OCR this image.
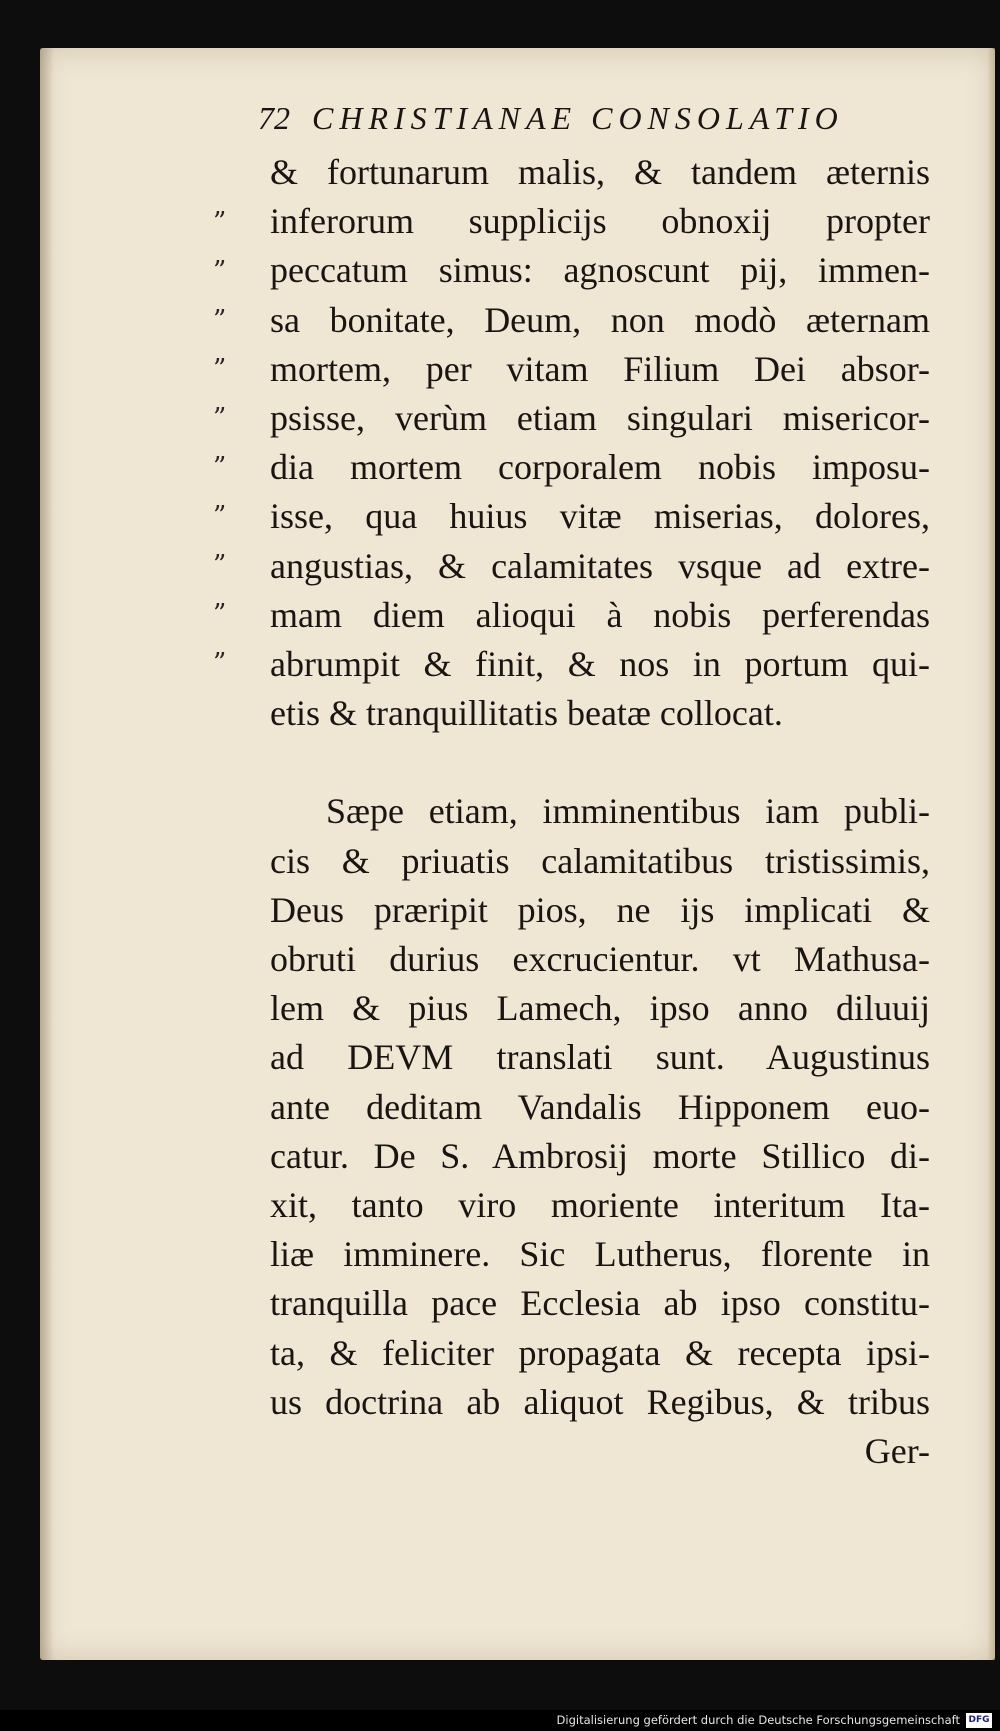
72 CHRISTIANAE CONSOLATIO
”
”
”
”
”
”
”
”
”
”
& fortunarum malis, & tandem æternis
inferorum supplicijs obnoxij propter
peccatum simus: agnoscunt pij, immen-
sa bonitate, Deum, non modò æternam
mortem, per vitam Filium Dei absor-
psisse, verùm etiam singulari misericor-
dia mortem corporalem nobis imposu-
isse, qua huius vitæ miserias, dolores,
angustias, & calamitates vsque ad extre-
mam diem alioqui à nobis perferendas
abrumpit & finit, & nos in portum qui-
etis & tranquillitatis beatæ collocat.
Sæpe etiam, imminentibus iam publi-
cis & priuatis calamitatibus tristissimis,
Deus præripit pios, ne ijs implicati &
obruti durius excrucientur. vt Mathusa-
lem & pius Lamech, ipso anno diluuij
ad DEVM translati sunt. Augustinus
ante deditam Vandalis Hipponem euo-
catur. De S. Ambrosij morte Stillico di-
xit, tanto viro moriente interitum Ita-
liæ imminere. Sic Lutherus, florente in
tranquilla pace Ecclesia ab ipso constitu-
ta, & feliciter propagata & recepta ipsi-
us doctrina ab aliquot Regibus, & tribus
Ger-
Digitalisierung gefördert durch die Deutsche Forschungsgemeinschaft DFG
